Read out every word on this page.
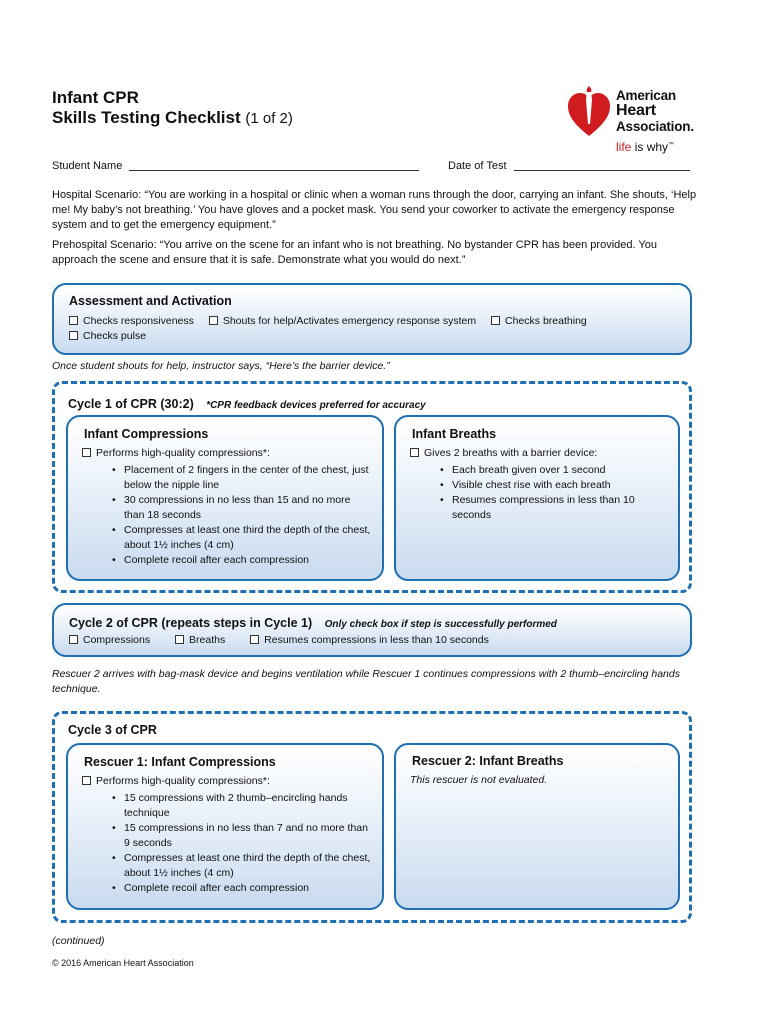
Infant CPR
Skills Testing Checklist (1 of 2)
American
Heart
Association.
life is why™
Student Name	Date of Test
Hospital Scenario: “You are working in a hospital or clinic when a woman runs through the door, carrying an infant. She shouts, ‘Help me! My baby’s not breathing.’ You have gloves and a pocket mask. You send your coworker to activate the emergency response system and to get the emergency equipment.”
Prehospital Scenario: “You arrive on the scene for an infant who is not breathing. No bystander CPR has been provided. You approach the scene and ensure that it is safe. Demonstrate what you would do next.”
Assessment and Activation
Checks responsiveness	Shouts for help/Activates emergency response system	Checks breathing
Checks pulse
Once student shouts for help, instructor says, “Here’s the barrier device.”
Cycle 1 of CPR (30:2) *CPR feedback devices preferred for accuracy
Infant Compressions
Performs high-quality compressions*:
• Placement of 2 fingers in the center of the chest, just below the nipple line
• 30 compressions in no less than 15 and no more than 18 seconds
• Compresses at least one third the depth of the chest, about 1½ inches (4 cm)
• Complete recoil after each compression
Infant Breaths
Gives 2 breaths with a barrier device:
• Each breath given over 1 second
• Visible chest rise with each breath
• Resumes compressions in less than 10 seconds
Cycle 2 of CPR (repeats steps in Cycle 1) Only check box if step is successfully performed
Compressions	Breaths	Resumes compressions in less than 10 seconds
Rescuer 2 arrives with bag-mask device and begins ventilation while Rescuer 1 continues compressions with 2 thumb–encircling hands technique.
Cycle 3 of CPR
Rescuer 1: Infant Compressions
Performs high-quality compressions*:
• 15 compressions with 2 thumb–encircling hands technique
• 15 compressions in no less than 7 and no more than 9 seconds
• Compresses at least one third the depth of the chest, about 1½ inches (4 cm)
• Complete recoil after each compression
Rescuer 2: Infant Breaths
This rescuer is not evaluated.
(continued)
© 2016 American Heart Association
